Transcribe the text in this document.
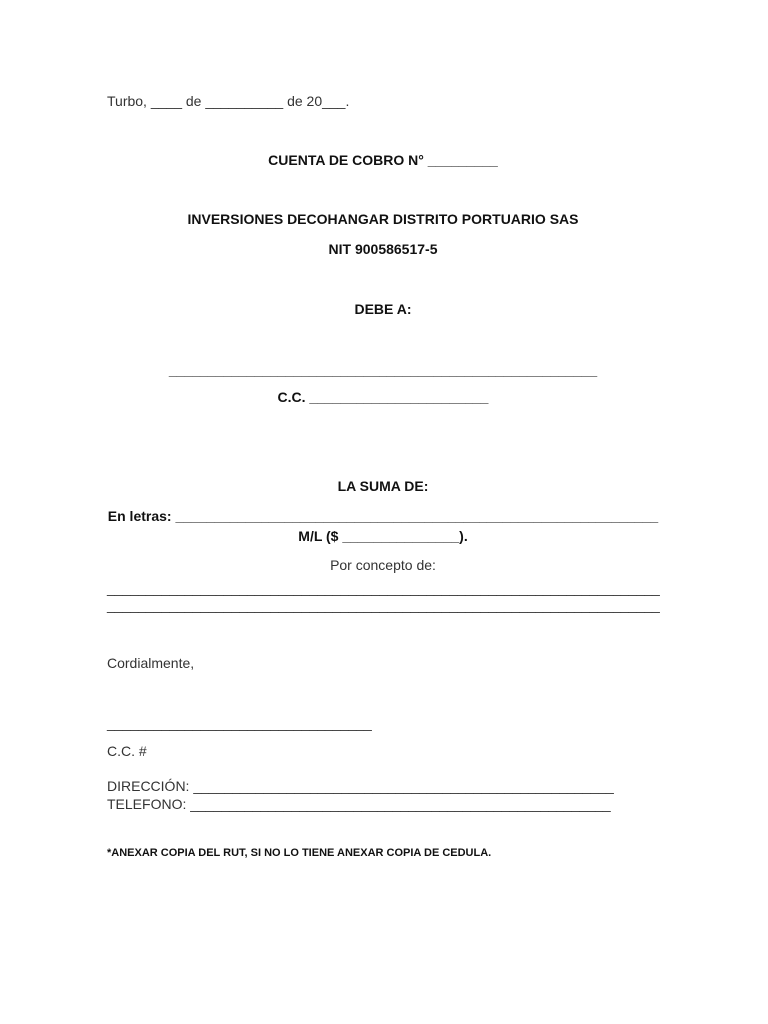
Turbo, ____ de __________ de 20___.
CUENTA DE COBRO N° _________
INVERSIONES DECOHANGAR DISTRITO PORTUARIO SAS
NIT 900586517-5
DEBE A:
_______________________________________________________
C.C. _______________________
LA SUMA DE:
En letras: ______________________________________________________________
M/L ($ _______________).
Por concepto de:
_______________________________________________________________________
_______________________________________________________________________
Cordialmente,
__________________________________
C.C. #
DIRECCIÓN: ______________________________________________________
TELEFONO: ______________________________________________________
*ANEXAR COPIA DEL RUT, SI NO LO TIENE ANEXAR COPIA DE CEDULA.
